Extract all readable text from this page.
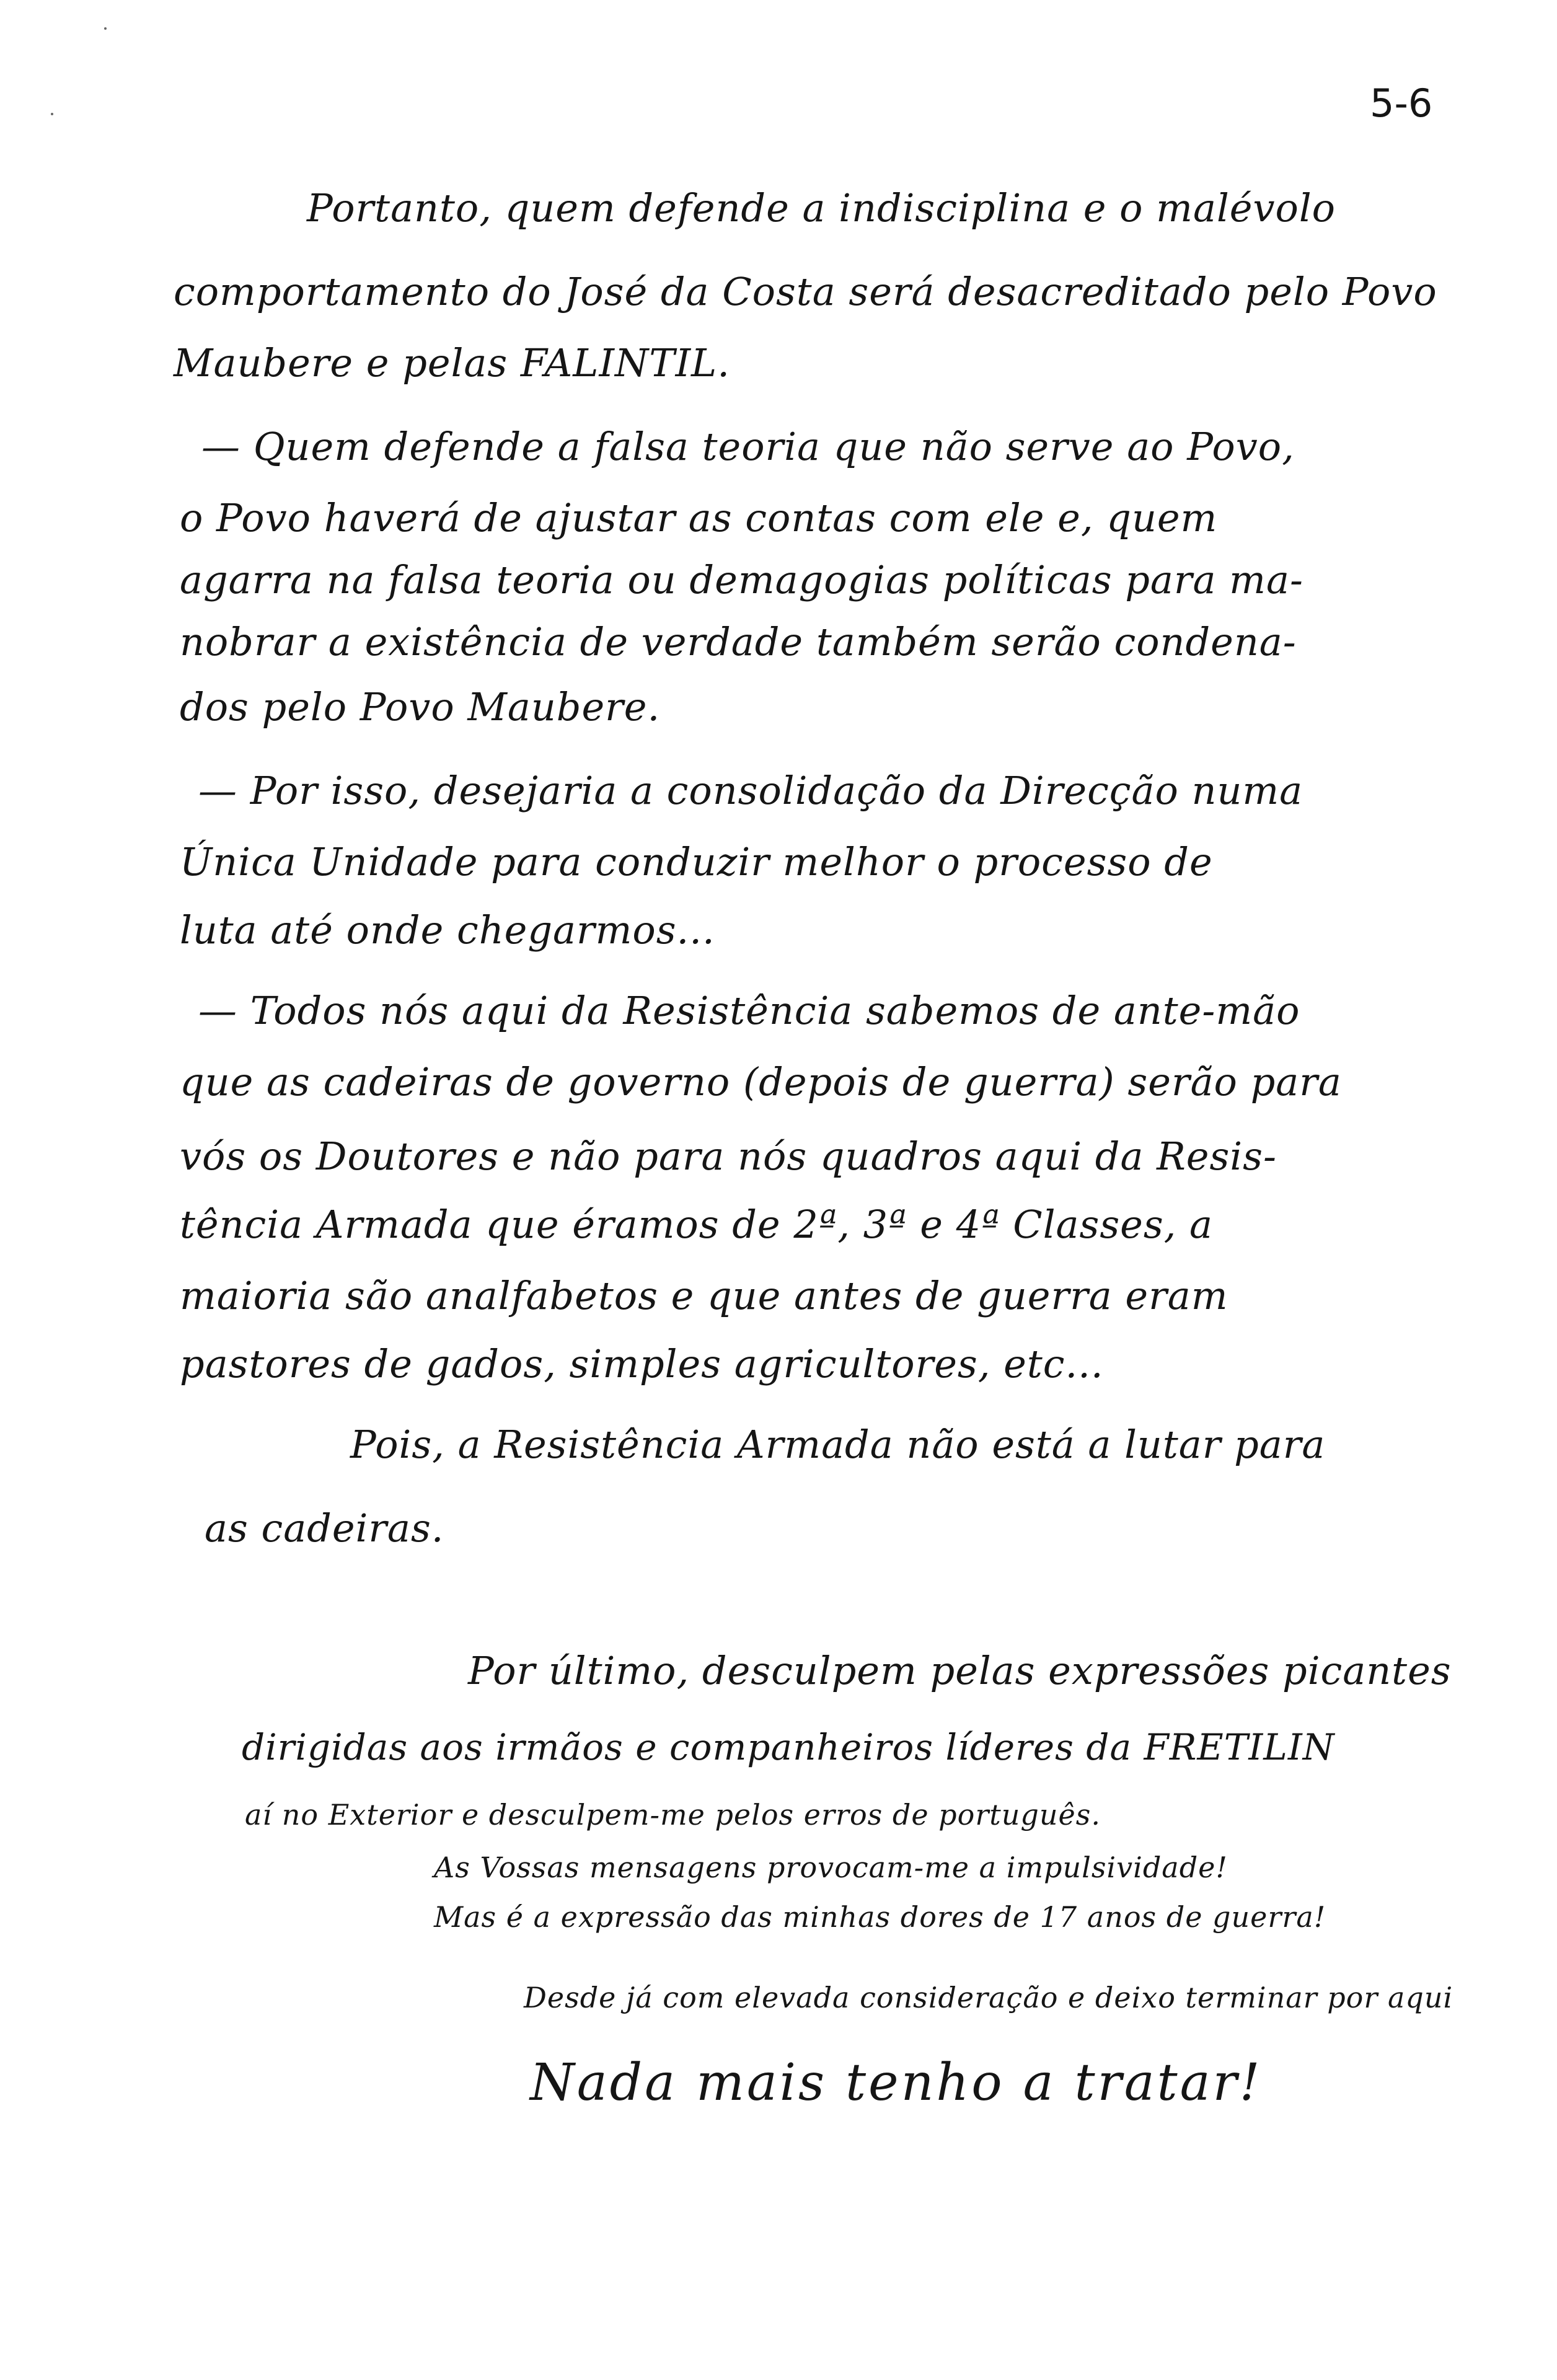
5-6
Portanto, quem defende a indisciplina e o malévolo
comportamento do José da Costa será desacreditado pelo Povo
Maubere e pelas FALINTIL.
— Quem defende a falsa teoria que não serve ao Povo,
o Povo haverá de ajustar as contas com ele e, quem
agarra na falsa teoria ou demagogias políticas para ma-
nobrar a existência de verdade também serão condena-
dos pelo Povo Maubere.
— Por isso, desejaria a consolidação da Direcção numa
Única Unidade para conduzir melhor o processo de
luta até onde chegarmos...
— Todos nós aqui da Resistência sabemos de ante-mão
que as cadeiras de governo (depois de guerra) serão para
vós os Doutores e não para nós quadros aqui da Resis-
tência Armada que éramos de 2ª, 3ª e 4ª Classes, a
maioria são analfabetos e que antes de guerra eram
pastores de gados, simples agricultores, etc...
Pois, a Resistência Armada não está a lutar para
as cadeiras.
Por último, desculpem pelas expressões picantes
dirigidas aos irmãos e companheiros líderes da FRETILIN
aí no Exterior e desculpem-me pelos erros de português.
As Vossas mensagens provocam-me a impulsividade!
Mas é a expressão das minhas dores de 17 anos de guerra!
Desde já com elevada consideração e deixo terminar por aqui
Nada mais tenho a tratar!
